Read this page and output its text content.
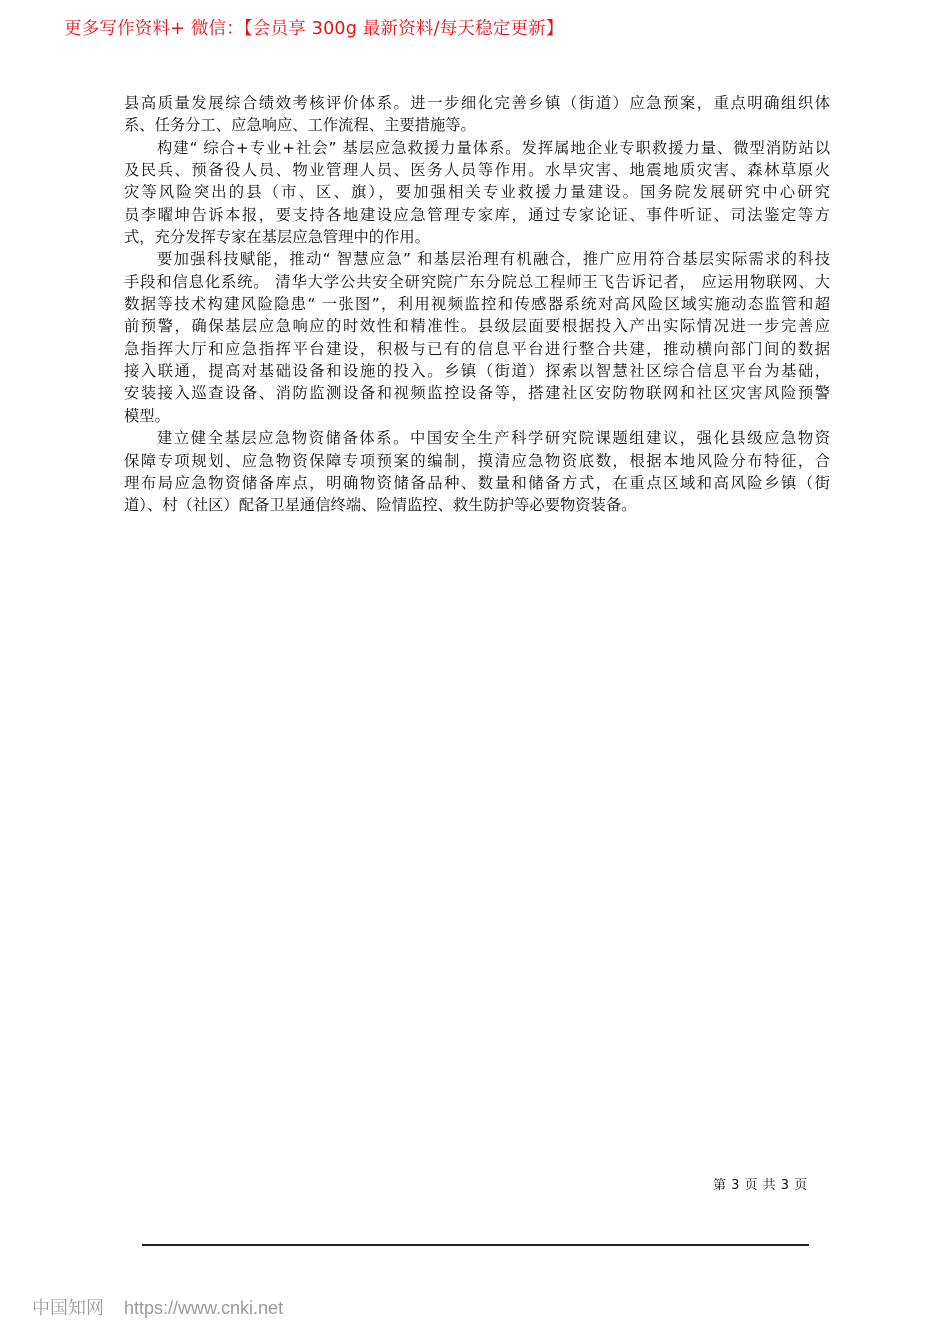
更多写作资料+ 微信：【会员享 300g 最新资料/每天稳定更新】
县高质量发展综合绩效考核评价体系。进一步细化完善乡镇（街道）应急预案，重点明确组织体
系、任务分工、应急响应、工作流程、主要措施等。
构建“ 综合+专业+社会” 基层应急救援力量体系。发挥属地企业专职救援力量、微型消防站以
及民兵、预备役人员、物业管理人员、医务人员等作用。水旱灾害、地震地质灾害、森林草原火
灾等风险突出的县（市、区、旗），要加强相关专业救援力量建设。国务院发展研究中心研究
员李曜坤告诉本报，要支持各地建设应急管理专家库，通过专家论证、事件听证、司法鉴定等方
式，充分发挥专家在基层应急管理中的作用。
要加强科技赋能，推动“ 智慧应急” 和基层治理有机融合，推广应用符合基层实际需求的科技
手段和信息化系统。 清华大学公共安全研究院广东分院总工程师王飞告诉记者， 应运用物联网、大
数据等技术构建风险隐患“ 一张图”，利用视频监控和传感器系统对高风险区域实施动态监管和超
前预警，确保基层应急响应的时效性和精准性。县级层面要根据投入产出实际情况进一步完善应
急指挥大厅和应急指挥平台建设，积极与已有的信息平台进行整合共建，推动横向部门间的数据
接入联通，提高对基础设备和设施的投入。乡镇（街道）探索以智慧社区综合信息平台为基础，
安装接入巡查设备、消防监测设备和视频监控设备等，搭建社区安防物联网和社区灾害风险预警
模型。
建立健全基层应急物资储备体系。中国安全生产科学研究院课题组建议，强化县级应急物资
保障专项规划、应急物资保障专项预案的编制，摸清应急物资底数，根据本地风险分布特征，合
理布局应急物资储备库点，明确物资储备品种、数量和储备方式，在重点区域和高风险乡镇（街
道）、村（社区）配备卫星通信终端、险情监控、救生防护等必要物资装备。
第 3 页 共 3 页
中国知网 https://www.cnki.net
